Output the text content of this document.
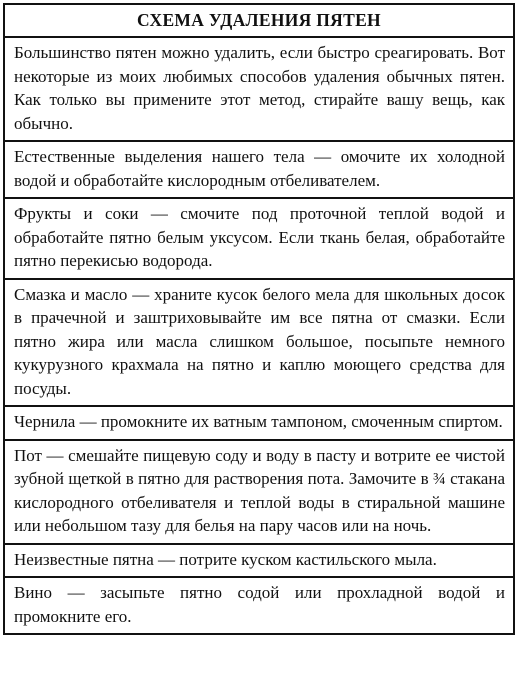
СХЕМА УДАЛЕНИЯ ПЯТЕН
Большинство пятен можно удалить, если быстро среагировать. Вот некоторые из моих любимых способов удаления обычных пятен. Как только вы примените этот метод, стирайте вашу вещь, как обычно.
Естественные выделения нашего тела — омочите их холодной водой и обработайте кислородным отбеливателем.
Фрукты и соки — смочите под проточной теплой водой и обработайте пятно белым уксусом. Если ткань белая, обработайте пятно перекисью водорода.
Смазка и масло — храните кусок белого мела для школьных досок в прачечной и заштриховывайте им все пятна от смазки. Если пятно жира или масла слишком большое, посыпьте немного кукурузного крахмала на пятно и каплю моющего средства для посуды.
Чернила — промокните их ватным тампоном, смоченным спиртом.
Пот — смешайте пищевую соду и воду в пасту и вотрите ее чистой зубной щеткой в пятно для растворения пота. Замочите в ¾ стакана кислородного отбеливателя и теплой воды в стиральной машине или небольшом тазу для белья на пару часов или на ночь.
Неизвестные пятна — потрите куском кастильского мыла.
Вино — засыпьте пятно содой или прохладной водой и промокните его.
